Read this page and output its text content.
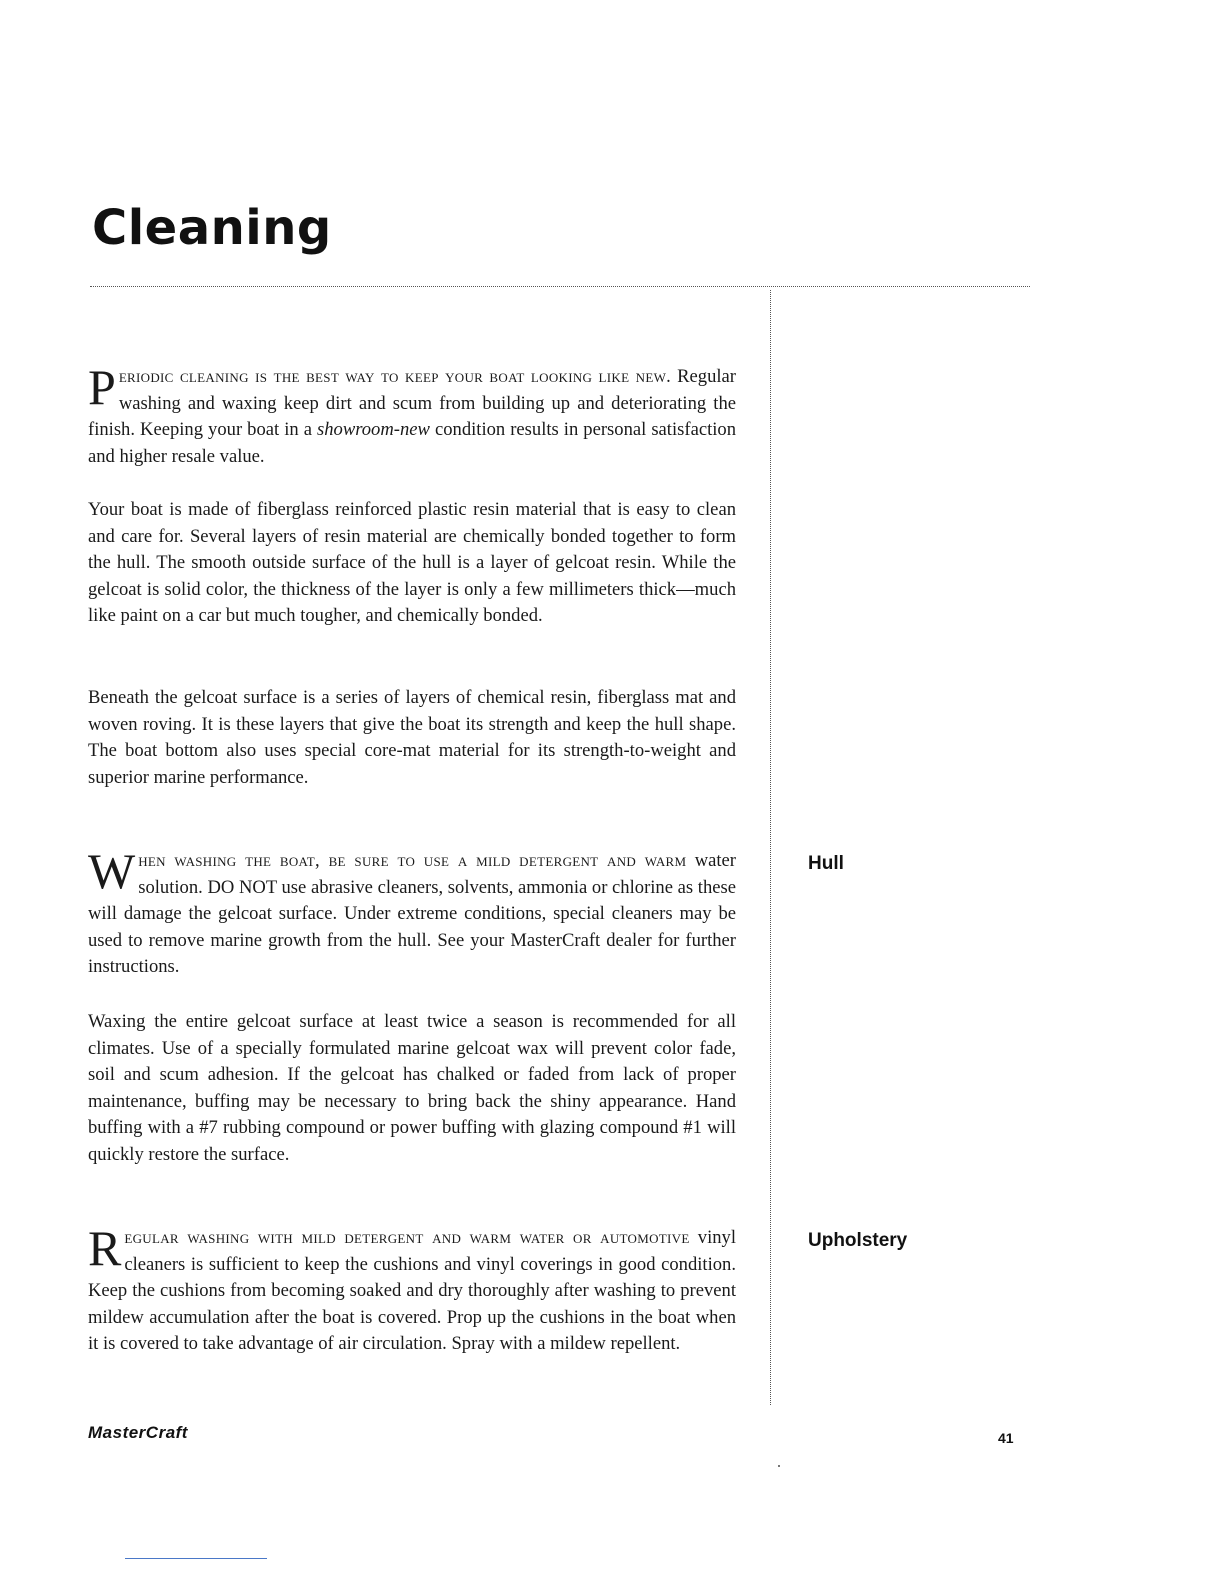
Cleaning

Periodic cleaning is the best way to keep your boat looking like new. Regular washing and waxing keep dirt and scum from building up and deteriorating the finish. Keeping your boat in a showroom-new condition results in personal satisfaction and higher resale value.

Your boat is made of fiberglass reinforced plastic resin material that is easy to clean and care for. Several layers of resin material are chemically bonded together to form the hull. The smooth outside surface of the hull is a layer of gelcoat resin. While the gelcoat is solid color, the thickness of the layer is only a few millimeters thick—much like paint on a car but much tougher, and chemically bonded.

Beneath the gelcoat surface is a series of layers of chemical resin, fiberglass mat and woven roving. It is these layers that give the boat its strength and keep the hull shape. The boat bottom also uses special core-mat material for its strength-to-weight and superior marine performance.

Hull

When washing the boat, be sure to use a mild detergent and warm water solution. DO NOT use abrasive cleaners, solvents, ammonia or chlorine as these will damage the gelcoat surface. Under extreme conditions, special cleaners may be used to remove marine growth from the hull. See your MasterCraft dealer for further instructions.

Waxing the entire gelcoat surface at least twice a season is recommended for all climates. Use of a specially formulated marine gelcoat wax will prevent color fade, soil and scum adhesion. If the gelcoat has chalked or faded from lack of proper maintenance, buffing may be necessary to bring back the shiny appearance. Hand buffing with a #7 rubbing compound or power buffing with glazing compound #1 will quickly restore the surface.

Upholstery

Regular washing with mild detergent and warm water or automotive vinyl cleaners is sufficient to keep the cushions and vinyl coverings in good condition. Keep the cushions from becoming soaked and dry thoroughly after washing to prevent mildew accumulation after the boat is covered. Prop up the cushions in the boat when it is covered to take advantage of air circulation. Spray with a mildew repellent.

MasterCraft	41
